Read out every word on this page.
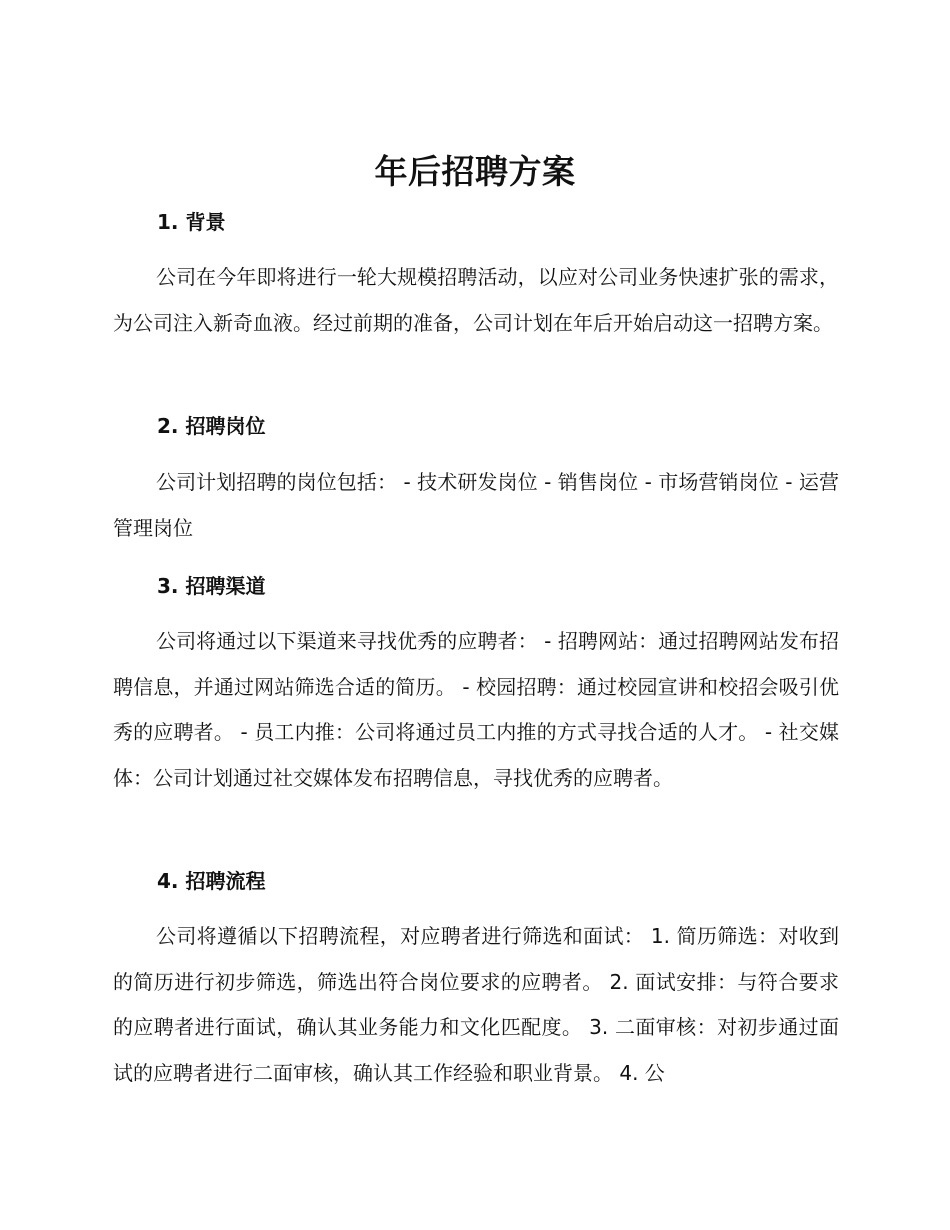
年后招聘方案
1. 背景

公司在今年即将进行一轮大规模招聘活动，以应对公司业务快速扩张的需求，为公司注入新奇血液。经过前期的准备，公司计划在年后开始启动这一招聘方案。

2. 招聘岗位

公司计划招聘的岗位包括： - 技术研发岗位 - 销售岗位 - 市场营销岗位 - 运营管理岗位

3. 招聘渠道

公司将通过以下渠道来寻找优秀的应聘者： - 招聘网站：通过招聘网站发布招聘信息，并通过网站筛选合适的简历。 - 校园招聘：通过校园宣讲和校招会吸引优秀的应聘者。 - 员工内推：公司将通过员工内推的方式寻找合适的人才。 - 社交媒体：公司计划通过社交媒体发布招聘信息，寻找优秀的应聘者。

4. 招聘流程

公司将遵循以下招聘流程，对应聘者进行筛选和面试： 1. 简历筛选：对收到的简历进行初步筛选，筛选出符合岗位要求的应聘者。 2. 面试安排：与符合要求的应聘者进行面试，确认其业务能力和文化匹配度。 3. 二面审核：对初步通过面试的应聘者进行二面审核，确认其工作经验和职业背景。 4. 公
